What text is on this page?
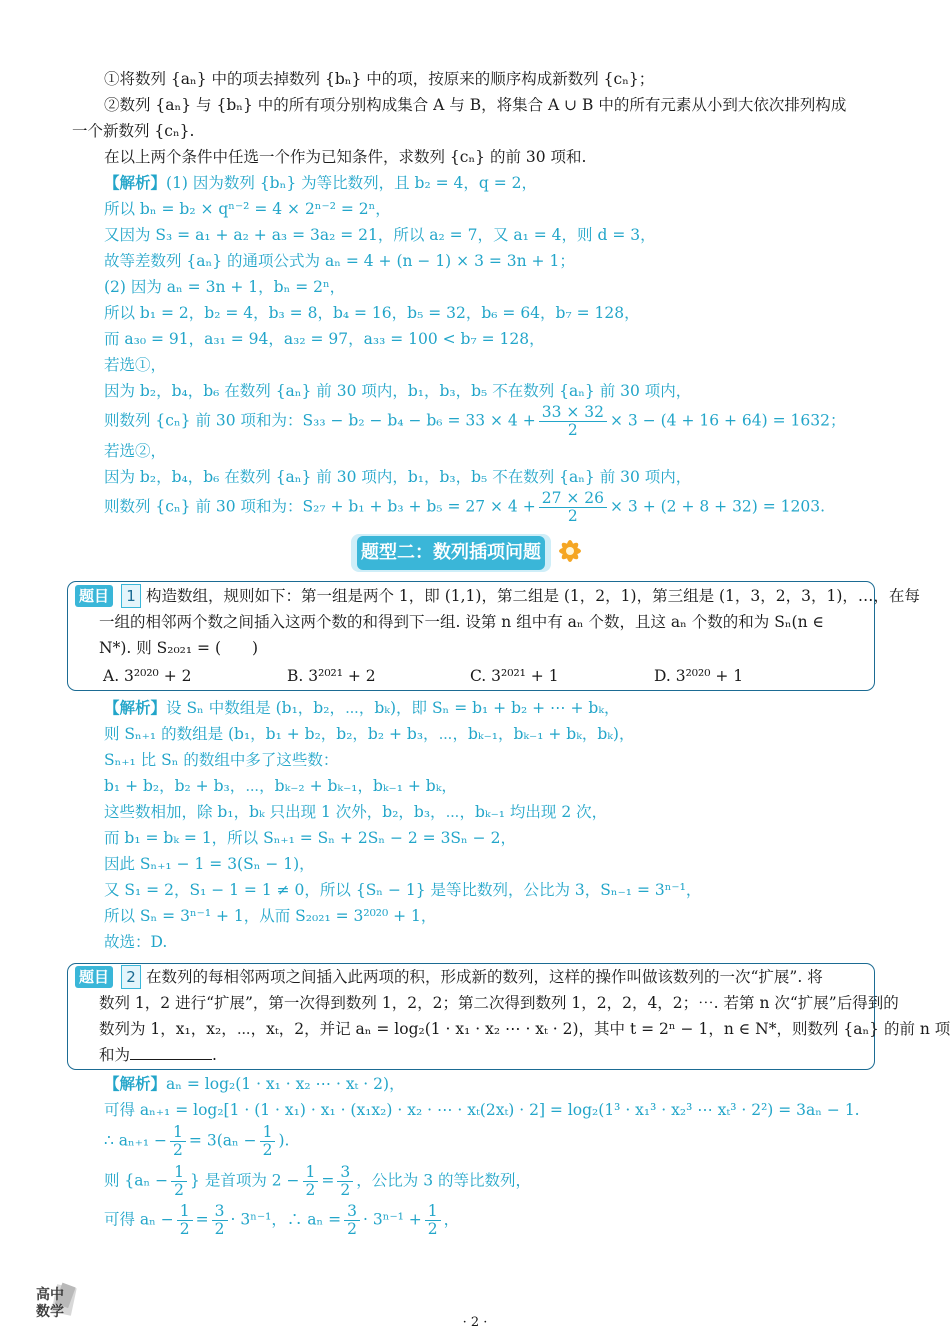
①将数列 {aₙ} 中的项去掉数列 {bₙ} 中的项，按原来的顺序构成新数列 {cₙ}；
②数列 {aₙ} 与 {bₙ} 中的所有项分别构成集合 A 与 B，将集合 A ∪ B 中的所有元素从小到大依次排列构成
一个新数列 {cₙ}.
在以上两个条件中任选一个作为已知条件，求数列 {cₙ} 的前 30 项和.
【解析】(1) 因为数列 {bₙ} 为等比数列，且 b₂ = 4，q = 2，
所以 bₙ = b₂ × qⁿ⁻² = 4 × 2ⁿ⁻² = 2ⁿ，
又因为 S₃ = a₁ + a₂ + a₃ = 3a₂ = 21，所以 a₂ = 7，又 a₁ = 4，则 d = 3，
故等差数列 {aₙ} 的通项公式为 aₙ = 4 + (n − 1) × 3 = 3n + 1；
(2) 因为 aₙ = 3n + 1，bₙ = 2ⁿ，
所以 b₁ = 2，b₂ = 4，b₃ = 8，b₄ = 16，b₅ = 32，b₆ = 64，b₇ = 128，
而 a₃₀ = 91，a₃₁ = 94，a₃₂ = 97，a₃₃ = 100 < b₇ = 128，
若选①，
因为 b₂，b₄，b₆ 在数列 {aₙ} 前 30 项内，b₁，b₃，b₅ 不在数列 {aₙ} 前 30 项内，
则数列 {cₙ} 前 30 项和为：$S_{33} - b_2 - b_4 - b_6 = 33 \times 4 + \frac{33 \times 32}{2} \times 3 - (4 + 16 + 64) = 1632$；
若选②，
因为 b₂，b₄，b₆ 在数列 {aₙ} 前 30 项内，b₁，b₃，b₅ 不在数列 {aₙ} 前 30 项内，
则数列 {cₙ} 前 30 项和为：$S_{27} + b_1 + b_3 + b_5 = 27 \times 4 + \frac{27 \times 26}{2} \times 3 + (2 + 8 + 32) = 1203$.
题型二：数列插项问题
题目	1 构造数组，规则如下：第一组是两个 1，即 (1,1)，第二组是 (1，2，1)，第三组是 (1，3，2，3，1)，…，在每
一组的相邻两个数之间插入这两个数的和得到下一组. 设第 n 组中有 aₙ 个数，且这 aₙ 个数的和为 Sₙ(n ∈
N*). 则 S₂₀₂₁ = (　　)
A. 3²⁰²⁰ + 2	B. 3²⁰²¹ + 2	C. 3²⁰²¹ + 1	D. 3²⁰²⁰ + 1
【解析】设 Sₙ 中数组是 (b₁，b₂，⋯，bₖ)，即 Sₙ = b₁ + b₂ + ⋯ + bₖ，
则 Sₙ₊₁ 的数组是 (b₁，b₁ + b₂，b₂，b₂ + b₃，⋯，bₖ₋₁，bₖ₋₁ + bₖ，bₖ)，
Sₙ₊₁ 比 Sₙ 的数组中多了这些数：
b₁ + b₂，b₂ + b₃，⋯，bₖ₋₂ + bₖ₋₁，bₖ₋₁ + bₖ，
这些数相加，除 b₁，bₖ 只出现 1 次外，b₂，b₃，⋯，bₖ₋₁ 均出现 2 次，
而 b₁ = bₖ = 1，所以 Sₙ₊₁ = Sₙ + 2Sₙ − 2 = 3Sₙ − 2，
因此 Sₙ₊₁ − 1 = 3(Sₙ − 1)，
又 S₁ = 2，S₁ − 1 = 1 ≠ 0，所以 {Sₙ − 1} 是等比数列，公比为 3，Sₙ₋₁ = 3ⁿ⁻¹，
所以 Sₙ = 3ⁿ⁻¹ + 1，从而 S₂₀₂₁ = 3²⁰²⁰ + 1，
故选：D.
题目	2 在数列的每相邻两项之间插入此两项的积，形成新的数列，这样的操作叫做该数列的一次“扩展”. 将
数列 1，2 进行“扩展”，第一次得到数列 1，2，2；第二次得到数列 1，2，2，4，2；⋯. 若第 n 次“扩展”后得到的
数列为 1，x₁，x₂，⋯，xₜ，2，并记 aₙ = log₂(1 · x₁ · x₂ ⋯ · xₜ · 2)，其中 t = 2ⁿ − 1，n ∈ N*，则数列 {aₙ} 的前 n 项
和为	.
【解析】aₙ = log₂(1 · x₁ · x₂ ⋯ · xₜ · 2)，
可得 aₙ₊₁ = log₂[1 · (1 · x₁) · x₁ · (x₁x₂) · x₂ · ⋯ · xₜ(2xₜ) · 2] = log₂(1³ · x₁³ · x₂³ ⋯ xₜ³ · 2²) = 3aₙ − 1.
∴ $a_{n+1} - \frac{1}{2} = 3(a_n - \frac{1}{2}$ ).
则 {$a_n - \frac{1}{2}$ } 是首项为 $2 - \frac{1}{2} = \frac{3}{2}$ ，公比为 3 的等比数列，
可得 $a_n - \frac{1}{2} = \frac{3}{2} \cdot 3^{n-1}$，∴ $a_n = \frac{3}{2} \cdot 3^{n-1} + \frac{1}{2}$ ，
高中数学
· 2 ·
